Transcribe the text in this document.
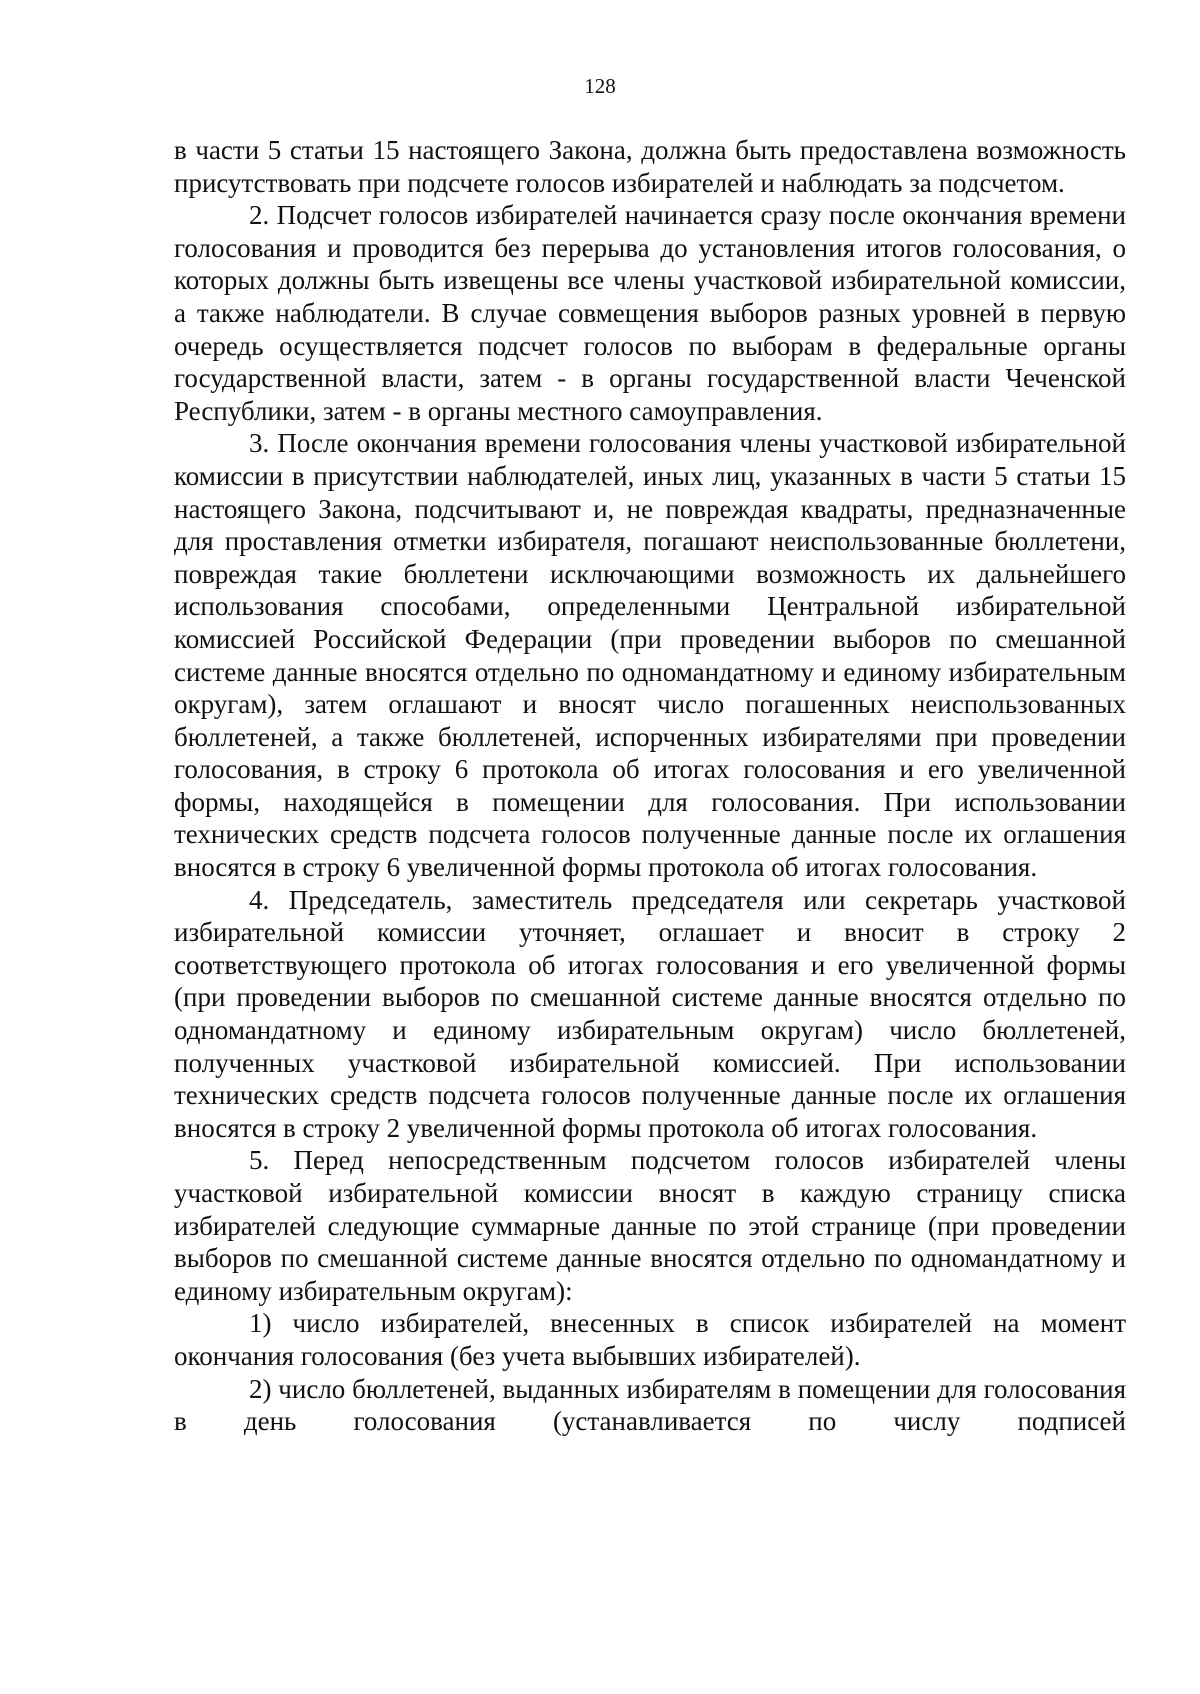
128

в части 5 статьи 15 настоящего Закона, должна быть предоставлена возможность присутствовать при подсчете голосов избирателей и наблюдать за подсчетом.

2. Подсчет голосов избирателей начинается сразу после окончания времени голосования и проводится без перерыва до установления итогов голосования, о которых должны быть извещены все члены участковой избирательной комиссии, а также наблюдатели. В случае совмещения выборов разных уровней в первую очередь осуществляется подсчет голосов по выборам в федеральные органы государственной власти, затем - в органы государственной власти Чеченской Республики, затем - в органы местного самоуправления.

3. После окончания времени голосования члены участковой избирательной комиссии в присутствии наблюдателей, иных лиц, указанных в части 5 статьи 15 настоящего Закона, подсчитывают и, не повреждая квадраты, предназначенные для проставления отметки избирателя, погашают неиспользованные бюллетени, повреждая такие бюллетени исключающими возможность их дальнейшего использования способами, определенными Центральной избирательной комиссией Российской Федерации (при проведении выборов по смешанной системе данные вносятся отдельно по одномандатному и единому избирательным округам), затем оглашают и вносят число погашенных неиспользованных бюллетеней, а также бюллетеней, испорченных избирателями при проведении голосования, в строку 6 протокола об итогах голосования и его увеличенной формы, находящейся в помещении для голосования. При использовании технических средств подсчета голосов полученные данные после их оглашения вносятся в строку 6 увеличенной формы протокола об итогах голосования.

4. Председатель, заместитель председателя или секретарь участковой избирательной комиссии уточняет, оглашает и вносит в строку 2 соответствующего протокола об итогах голосования и его увеличенной формы (при проведении выборов по смешанной системе данные вносятся отдельно по одномандатному и единому избирательным округам) число бюллетеней, полученных участковой избирательной комиссией. При использовании технических средств подсчета голосов полученные данные после их оглашения вносятся в строку 2 увеличенной формы протокола об итогах голосования.

5. Перед непосредственным подсчетом голосов избирателей члены участковой избирательной комиссии вносят в каждую страницу списка избирателей следующие суммарные данные по этой странице (при проведении выборов по смешанной системе данные вносятся отдельно по одномандатному и единому избирательным округам):

1) число избирателей, внесенных в список избирателей на момент окончания голосования (без учета выбывших избирателей).

2) число бюллетеней, выданных избирателям в помещении для голосования в день голосования (устанавливается по числу подписей
